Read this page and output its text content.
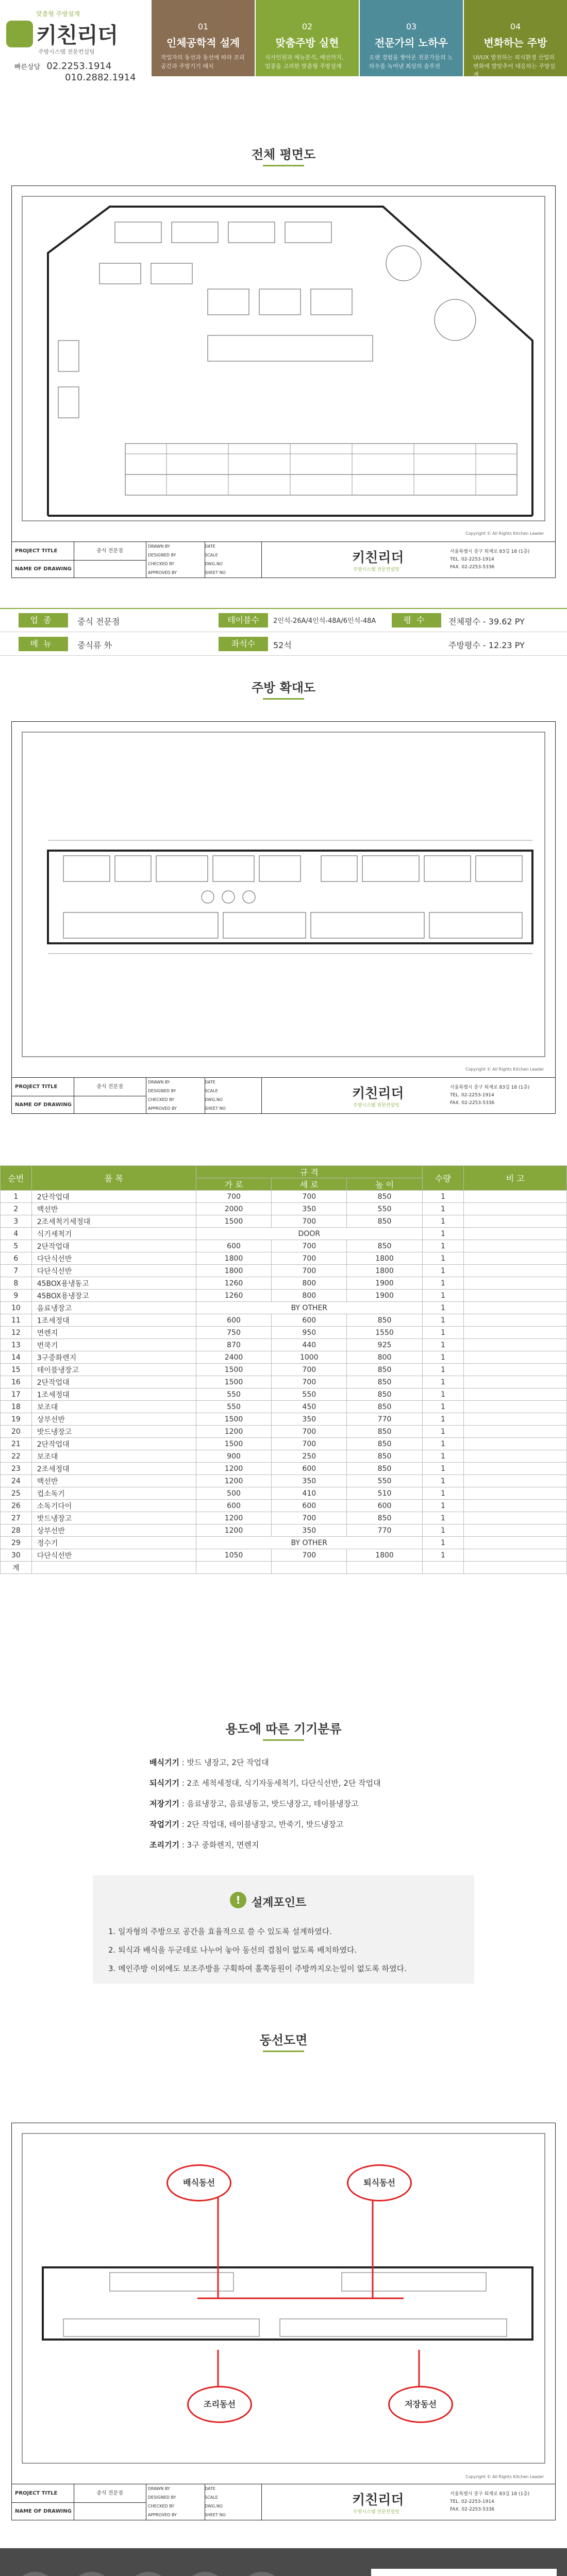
맞춤형 주방설계
키친리더
주방시스템 전문컨설팅
빠른상담 02.2253.1914
010.2882.1914
01
인체공학적 설계
작업자의 동선과 동선에 따라 조리공간과 주방기기 배치
02
맞춤주방 실현
식사인원과 메뉴분석, 예산까지, 업종을 고려한 맞춤형 주방설계
03
전문가의 노하우
오랜 경험을 쌓아온 전문가들의 노하우를 녹여낸 최상의 솔루션
04
변화하는 주방
UI/UX 발전하는 외식환경 산업의 변화에 발맞추어 대응하는 주방설계
전체 평면도
PROJECT TITLE
NAME OF DRAWING
중식 전문점
DRAWN BY
DESIGNED BY
CHECKED BY
APPROVED BY
DATE
SCALE
DWG.NO
SHEET NO
키친리더
주방시스템 전문컨설팅
서울특별시 중구 퇴계로 83길 18 (1층)
TEL. 02-2253-1914
FAX. 02-2253-5336
Copyright © All Rights Kitchen Leader
업종	중식 전문점	테이블수	2인석-26A/4인석-48A/6인석-48A	평수	전체평수 - 39.62 PY
메뉴	중식류 外	좌석수	52석	주방평수 - 12.23 PY
주방 확대도
PROJECT TITLE
NAME OF DRAWING
중식 전문점
DRAWN BY
DESIGNED BY
CHECKED BY
APPROVED BY
DATE
SCALE
DWG.NO
SHEET NO
키친리더
주방시스템 전문컨설팅
서울특별시 중구 퇴계로 83길 18 (1층)
TEL. 02-2253-1914
FAX. 02-2253-5336
Copyright © All Rights Kitchen Leader
순번	품 목	규 격			수량	비 고
		가 로	세 로	높 이		
1	2단작업대	700	700	850	1	
2	백선반	2000	350	550	1	
3	2조세척기세정대	1500	700	850	1	
4	식기세척기	DOOR			1	
5	2단작업대	600	700	850	1	
6	다단식선반	1800	700	1800	1	
7	다단식선반	1800	700	1800	1	
8	45BOX용냉동고	1260	800	1900	1	
9	45BOX용냉장고	1260	800	1900	1	
10	음료냉장고	BY OTHER			1	
11	1조세정대	600	600	850	1	
12	면렌지	750	950	1550	1	
13	번쿡기	870	440	925	1	
14	3구중화렌지	2400	1000	800	1	
15	테이블냉장고	1500	700	850	1	
16	2단작업대	1500	700	850	1	
17	1조세정대	550	550	850	1	
18	보조대	550	450	850	1	
19	상부선반	1500	350	770	1	
20	밧드냉장고	1200	700	850	1	
21	2단작업대	1500	700	850	1	
22	보조대	900	250	850	1	
23	2조세정대	1200	600	850	1	
24	백선반	1200	350	550	1	
25	컵소독기	500	410	510	1	
26	소독기다이	600	600	600	1	
27	밧드냉장고	1200	700	850	1	
28	상부선반	1200	350	770	1	
29	정수기	BY OTHER			1	
30	다단식선반	1050	700	1800	1	
계						
용도에 따른 기기분류
배식기기 : 밧드 냉장고, 2단 작업대
되식기기 : 2조 세척세정대, 식기자동세척기, 다단식선반, 2단 작업대
저장기기 : 음료냉장고, 음료냉동고, 밧드냉장고, 테이블냉장고
작업기기 : 2단 작업대, 테이블냉장고, 반죽기, 밧드냉장고
조리기기 : 3구 중화렌지, 면렌지
! 설계포인트
1. 일자형의 주방으로 공간을 효율적으로 쓸 수 있도록 설계하였다.
2. 퇴식과 배식을 두군데로 나누어 놓아 동선의 겹침이 없도록 배치하였다.
3. 메인주방 이외에도 보조주방을 구획하여 홀쪽동원이 주방까지오는일이 없도록 하였다.
동선도면
배식동선	퇴식동선
조리동선	저장동선
PROJECT TITLE
NAME OF DRAWING
중식 전문점
DRAWN BY
DESIGNED BY
CHECKED BY
APPROVED BY
DATE
SCALE
DWG.NO
SHEET NO
키친리더
주방시스템 전문컨설팅
서울특별시 중구 퇴계로 83길 18 (1층)
TEL. 02-2253-1914
FAX. 02-2253-5336
Copyright © All Rights Kitchen Leader
